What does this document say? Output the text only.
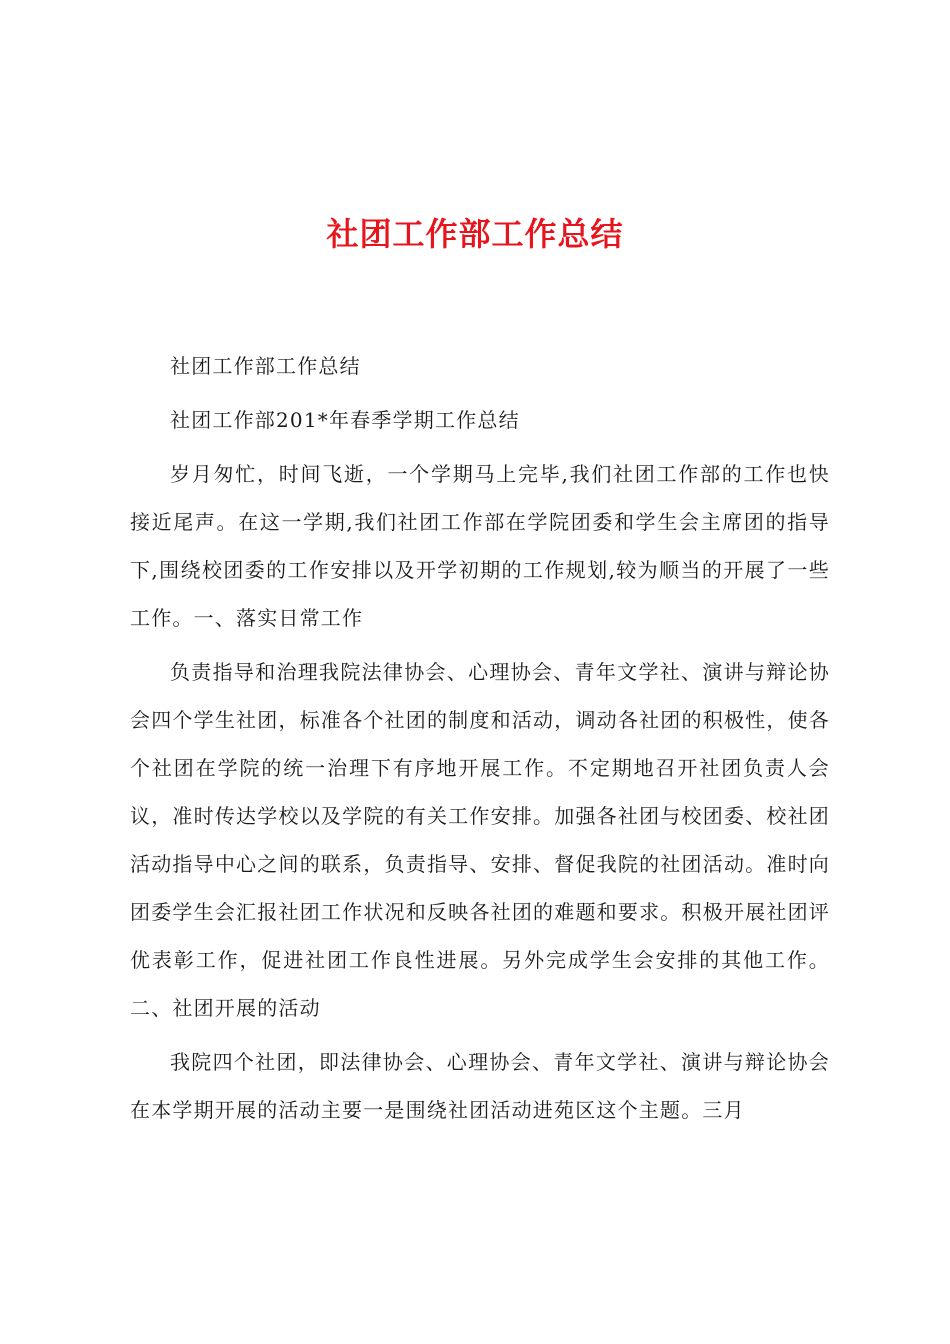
社团工作部工作总结

社团工作部工作总结

社团工作部201*年春季学期工作总结

岁月匆忙，时间飞逝，一个学期马上完毕,我们社团工作部的工作也快接近尾声。在这一学期,我们社团工作部在学院团委和学生会主席团的指导下,围绕校团委的工作安排以及开学初期的工作规划,较为顺当的开展了一些工作。一、落实日常工作

负责指导和治理我院法律协会、心理协会、青年文学社、演讲与辩论协会四个学生社团，标准各个社团的制度和活动，调动各社团的积极性，使各个社团在学院的统一治理下有序地开展工作。不定期地召开社团负责人会议，准时传达学校以及学院的有关工作安排。加强各社团与校团委、校社团活动指导中心之间的联系，负责指导、安排、督促我院的社团活动。准时向团委学生会汇报社团工作状况和反映各社团的难题和要求。积极开展社团评优表彰工作，促进社团工作良性进展。另外完成学生会安排的其他工作。二、社团开展的活动

我院四个社团，即法律协会、心理协会、青年文学社、演讲与辩论协会在本学期开展的活动主要一是围绕社团活动进苑区这个主题。三月
